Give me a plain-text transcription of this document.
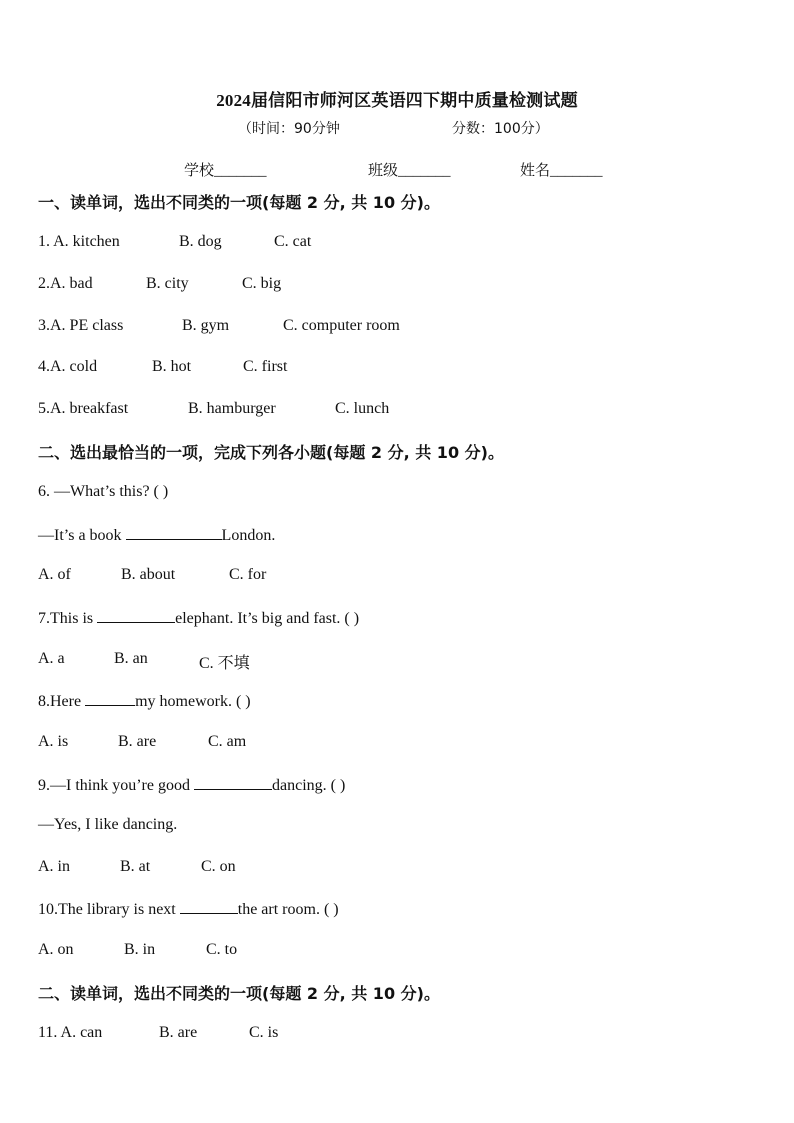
2024届信阳市师河区英语四下期中质量检测试题
（时间：90分钟	分数：100分）
学校_______	班级_______	姓名_______
一、读单词，选出不同类的一项(每题 2 分, 共 10 分)。
1. A. kitchen	B. dog	C. cat
2.A. bad	B. city	C. big
3.A. PE class	B. gym	C. computer room
4.A. cold	B. hot	C. first
5.A. breakfast	B. hamburger	C. lunch
二、选出最恰当的一项，完成下列各小题(每题 2 分, 共 10 分)。
6. —What’s this? ( )
—It’s a book	London.
A. of	B. about	C. for
7.This is	elephant. It’s big and fast. ( )
A. a	B. an	C. 不填
8.Here	my homework. ( )
A. is	B. are	C. am
9.—I think you’re good	dancing. ( )
—Yes, I like dancing.
A. in	B. at	C. on
10.The library is next	the art room. ( )
A. on	B. in	C. to
二、读单词，选出不同类的一项(每题 2 分, 共 10 分)。
11. A. can	B. are	C. is
